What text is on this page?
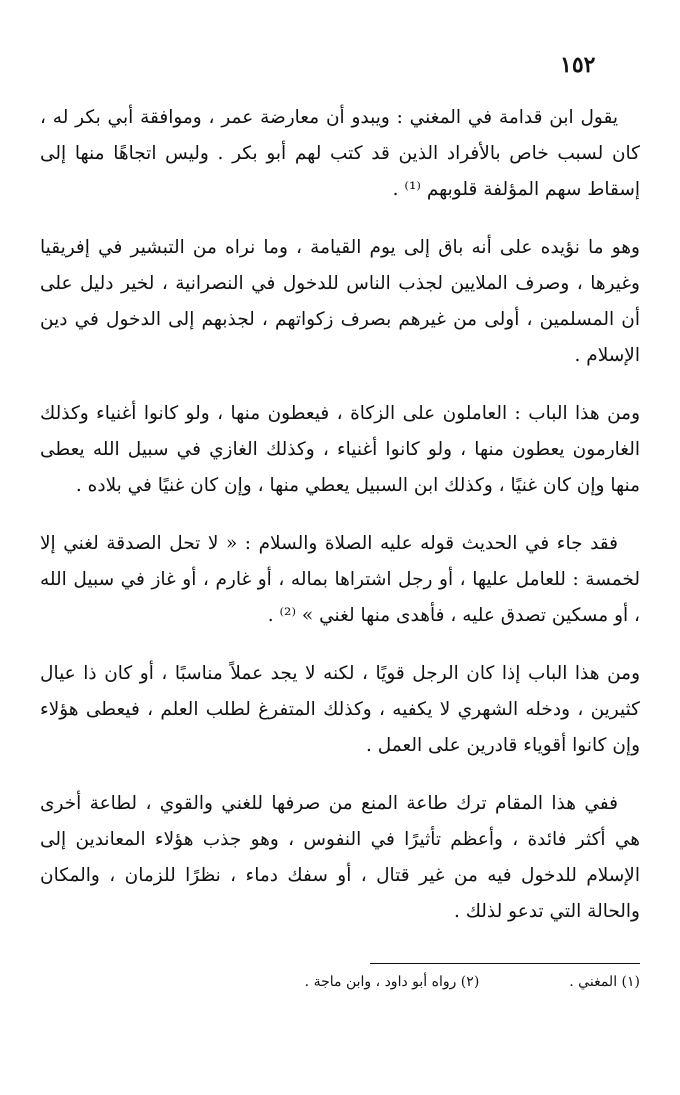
١٥٢

يقول ابن قدامة في المغني : ويبدو أن معارضة عمر ، وموافقة أبي بكر له ، كان لسبب خاص بالأفراد الذين قد كتب لهم أبو بكر . وليس اتجاهًا منها إلى إسقاط سهم المؤلفة قلوبهم ⁽¹⁾ .

وهو ما نؤيده على أنه باق إلى يوم القيامة ، وما نراه من التبشير في إفريقيا وغيرها ، وصرف الملايين لجذب الناس للدخول في النصرانية ، لخير دليل على أن المسلمين ، أولى من غيرهم بصرف زكواتهم ، لجذبهم إلى الدخول في دين الإسلام .

ومن هذا الباب : العاملون على الزكاة ، فيعطون منها ، ولو كانوا أغنياء وكذلك الغارمون يعطون منها ، ولو كانوا أغنياء ، وكذلك الغازي في سبيل الله يعطى منها وإن كان غنيًا ، وكذلك ابن السبيل يعطي منها ، وإن كان غنيًا في بلاده .

فقد جاء في الحديث قوله عليه الصلاة والسلام : « لا تحل الصدقة لغني إلا لخمسة : للعامل عليها ، أو رجل اشتراها بماله ، أو غارم ، أو غاز في سبيل الله ، أو مسكين تصدق عليه ، فأهدى منها لغني » ⁽²⁾ .

ومن هذا الباب إذا كان الرجل قويًا ، لكنه لا يجد عملاً مناسبًا ، أو كان ذا عيال كثيرين ، ودخله الشهري لا يكفيه ، وكذلك المتفرغ لطلب العلم ، فيعطى هؤلاء وإن كانوا أقوياء قادرين على العمل .

ففي هذا المقام ترك طاعة المنع من صرفها للغني والقوي ، لطاعة أخرى هي أكثر فائدة ، وأعظم تأثيرًا في النفوس ، وهو جذب هؤلاء المعاندين إلى الإسلام للدخول فيه من غير قتال ، أو سفك دماء ، نظرًا للزمان ، والمكان والحالة التي تدعو لذلك .

(١) المغني .
(٢) رواه أبو داود ، وابن ماجة .
